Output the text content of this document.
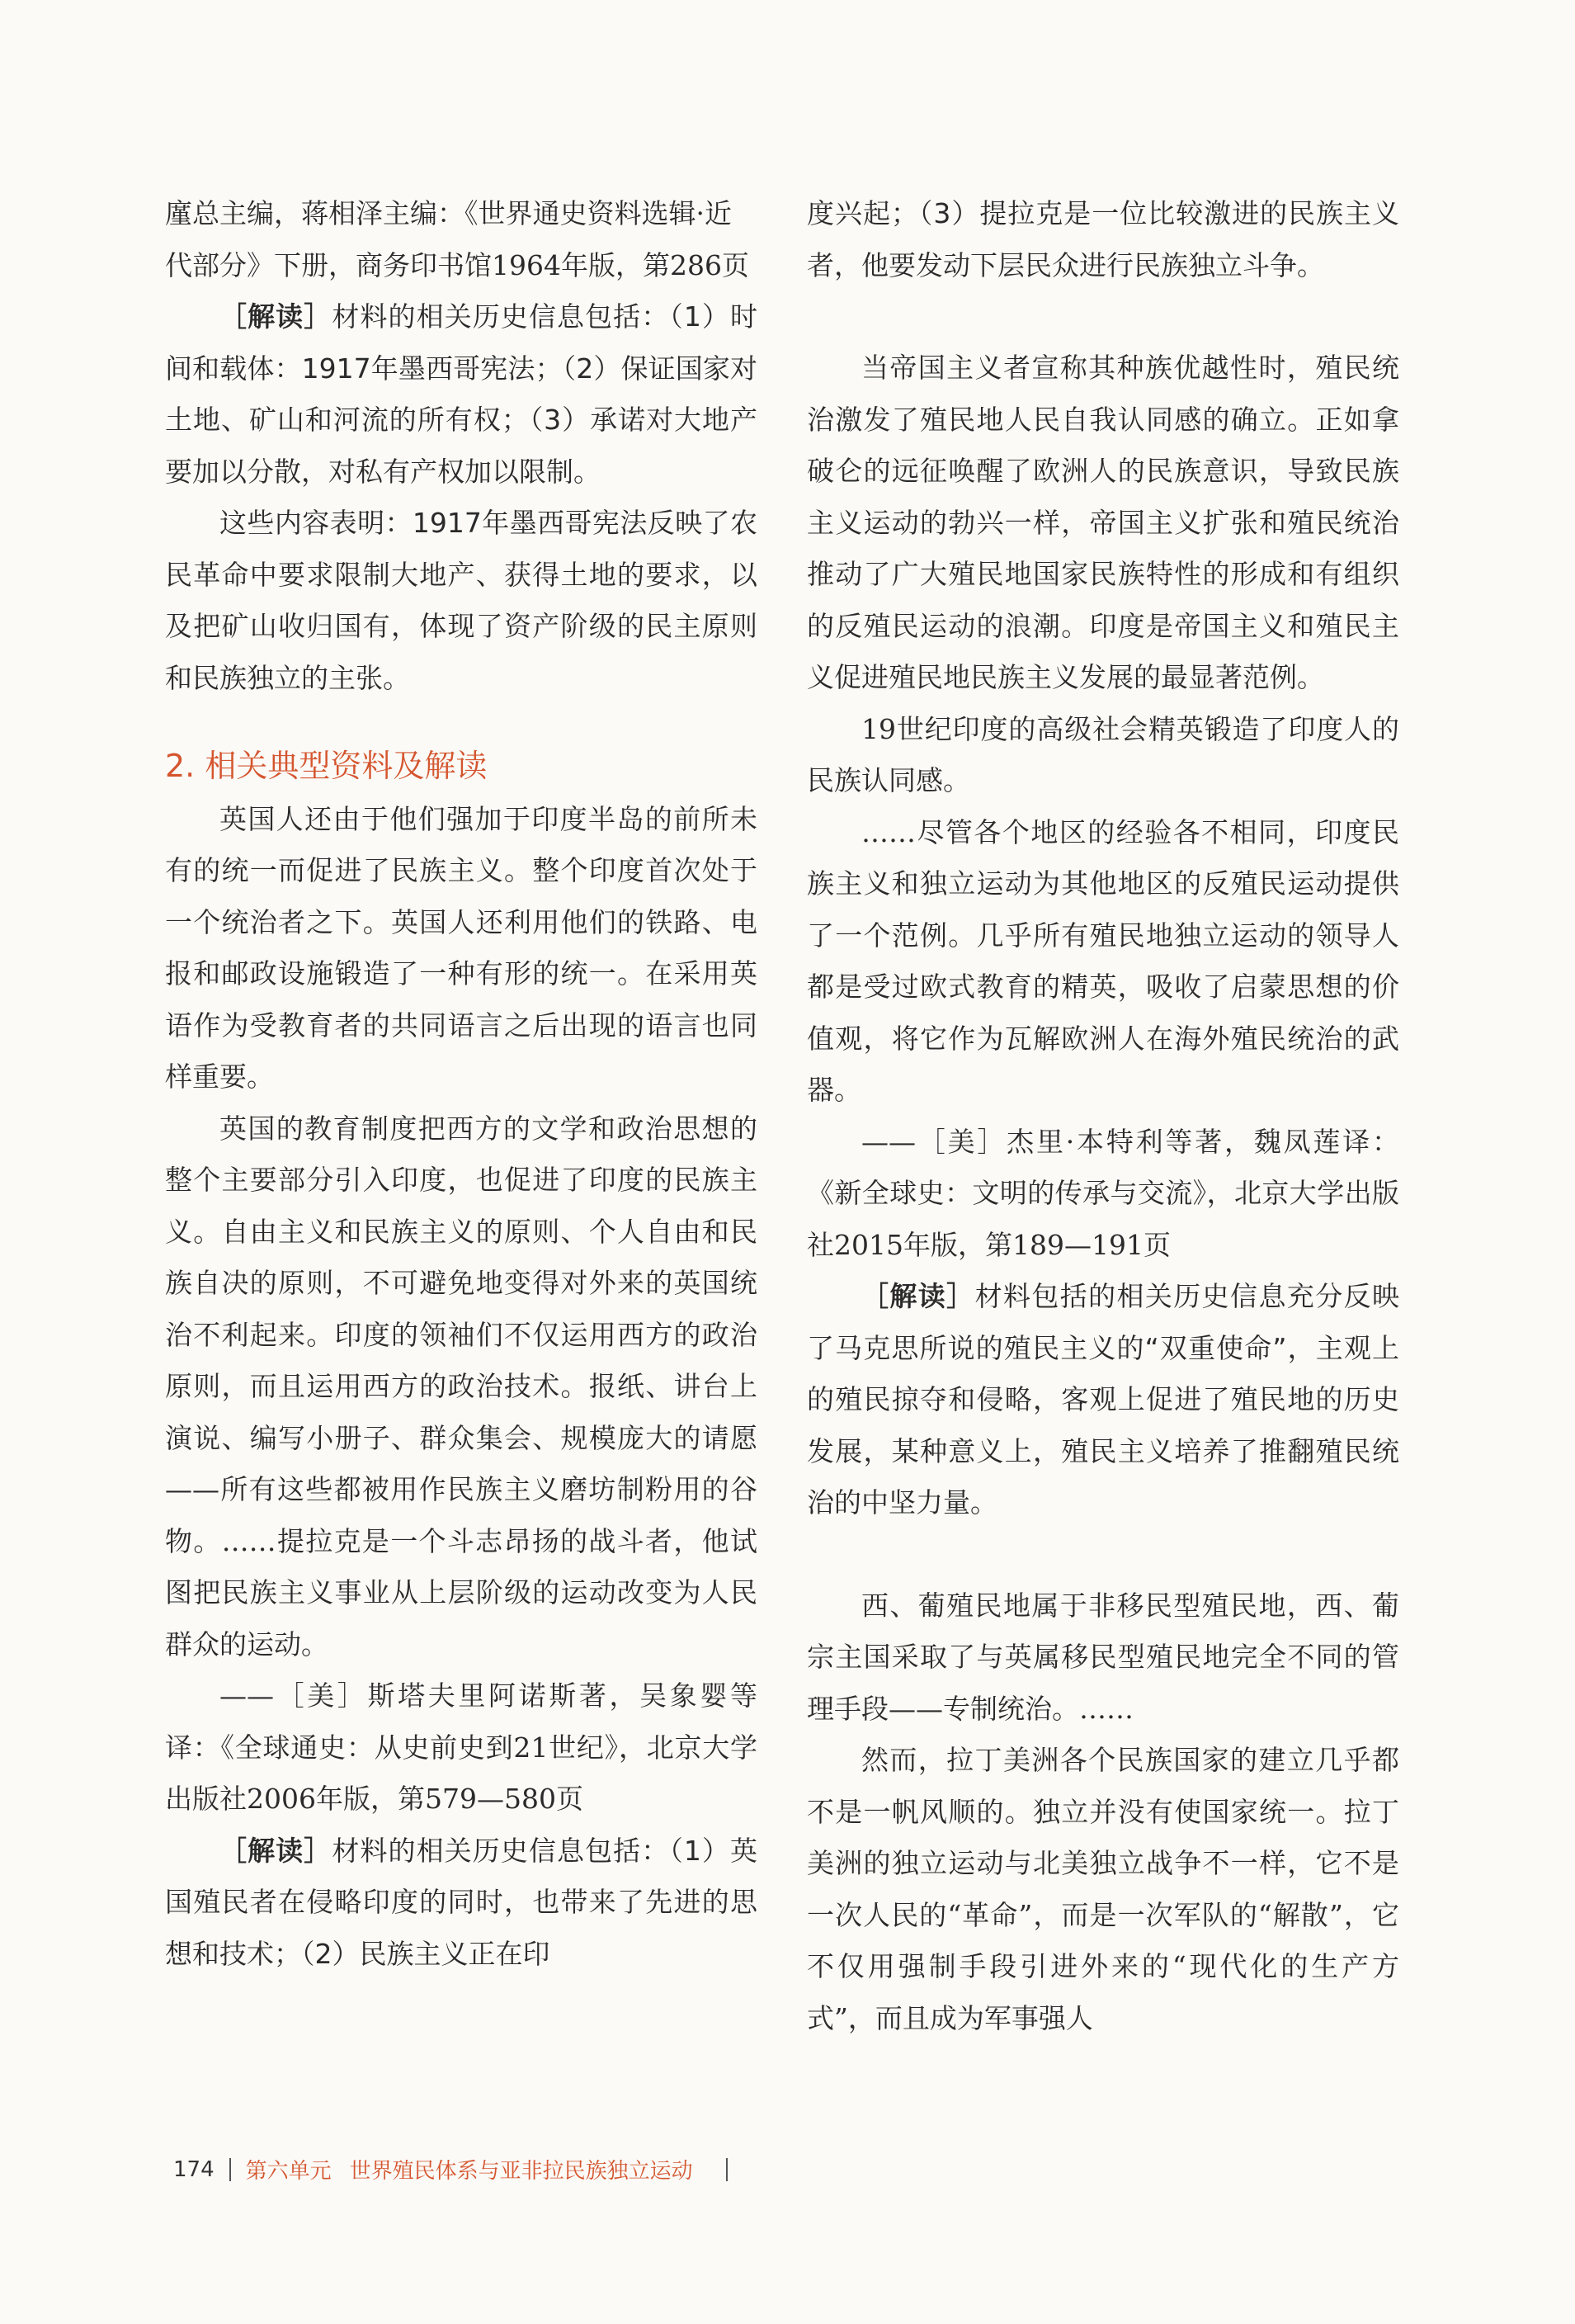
廑总主编，蒋相泽主编：《世界通史资料选辑·近代部分》下册，商务印书馆1964年版，第286页

［解读］材料的相关历史信息包括：（1）时间和载体：1917年墨西哥宪法；（2）保证国家对土地、矿山和河流的所有权；（3）承诺对大地产要加以分散，对私有产权加以限制。

这些内容表明：1917年墨西哥宪法反映了农民革命中要求限制大地产、获得土地的要求，以及把矿山收归国有，体现了资产阶级的民主原则和民族独立的主张。

2. 相关典型资料及解读

英国人还由于他们强加于印度半岛的前所未有的统一而促进了民族主义。整个印度首次处于一个统治者之下。英国人还利用他们的铁路、电报和邮政设施锻造了一种有形的统一。在采用英语作为受教育者的共同语言之后出现的语言也同样重要。

英国的教育制度把西方的文学和政治思想的整个主要部分引入印度，也促进了印度的民族主义。自由主义和民族主义的原则、个人自由和民族自决的原则，不可避免地变得对外来的英国统治不利起来。印度的领袖们不仅运用西方的政治原则，而且运用西方的政治技术。报纸、讲台上演说、编写小册子、群众集会、规模庞大的请愿——所有这些都被用作民族主义磨坊制粉用的谷物。……提拉克是一个斗志昂扬的战斗者，他试图把民族主义事业从上层阶级的运动改变为人民群众的运动。

——［美］斯塔夫里阿诺斯著，吴象婴等译：《全球通史：从史前史到21世纪》，北京大学出版社2006年版，第579—580页

［解读］材料的相关历史信息包括：（1）英国殖民者在侵略印度的同时，也带来了先进的思想和技术；（2）民族主义正在印

度兴起；（3）提拉克是一位比较激进的民族主义者，他要发动下层民众进行民族独立斗争。

当帝国主义者宣称其种族优越性时，殖民统治激发了殖民地人民自我认同感的确立。正如拿破仑的远征唤醒了欧洲人的民族意识，导致民族主义运动的勃兴一样，帝国主义扩张和殖民统治推动了广大殖民地国家民族特性的形成和有组织的反殖民运动的浪潮。印度是帝国主义和殖民主义促进殖民地民族主义发展的最显著范例。

19世纪印度的高级社会精英锻造了印度人的民族认同感。

……尽管各个地区的经验各不相同，印度民族主义和独立运动为其他地区的反殖民运动提供了一个范例。几乎所有殖民地独立运动的领导人都是受过欧式教育的精英，吸收了启蒙思想的价值观，将它作为瓦解欧洲人在海外殖民统治的武器。

——［美］杰里·本特利等著，魏凤莲译：《新全球史：文明的传承与交流》，北京大学出版社2015年版，第189—191页

［解读］材料包括的相关历史信息充分反映了马克思所说的殖民主义的“双重使命”，主观上的殖民掠夺和侵略，客观上促进了殖民地的历史发展，某种意义上，殖民主义培养了推翻殖民统治的中坚力量。

西、葡殖民地属于非移民型殖民地，西、葡宗主国采取了与英属移民型殖民地完全不同的管理手段——专制统治。……

然而，拉丁美洲各个民族国家的建立几乎都不是一帆风顺的。独立并没有使国家统一。拉丁美洲的独立运动与北美独立战争不一样，它不是一次人民的“革命”，而是一次军队的“解散”，它不仅用强制手段引进外来的“现代化的生产方式”，而且成为军事强人

174 第六单元 世界殖民体系与亚非拉民族独立运动
